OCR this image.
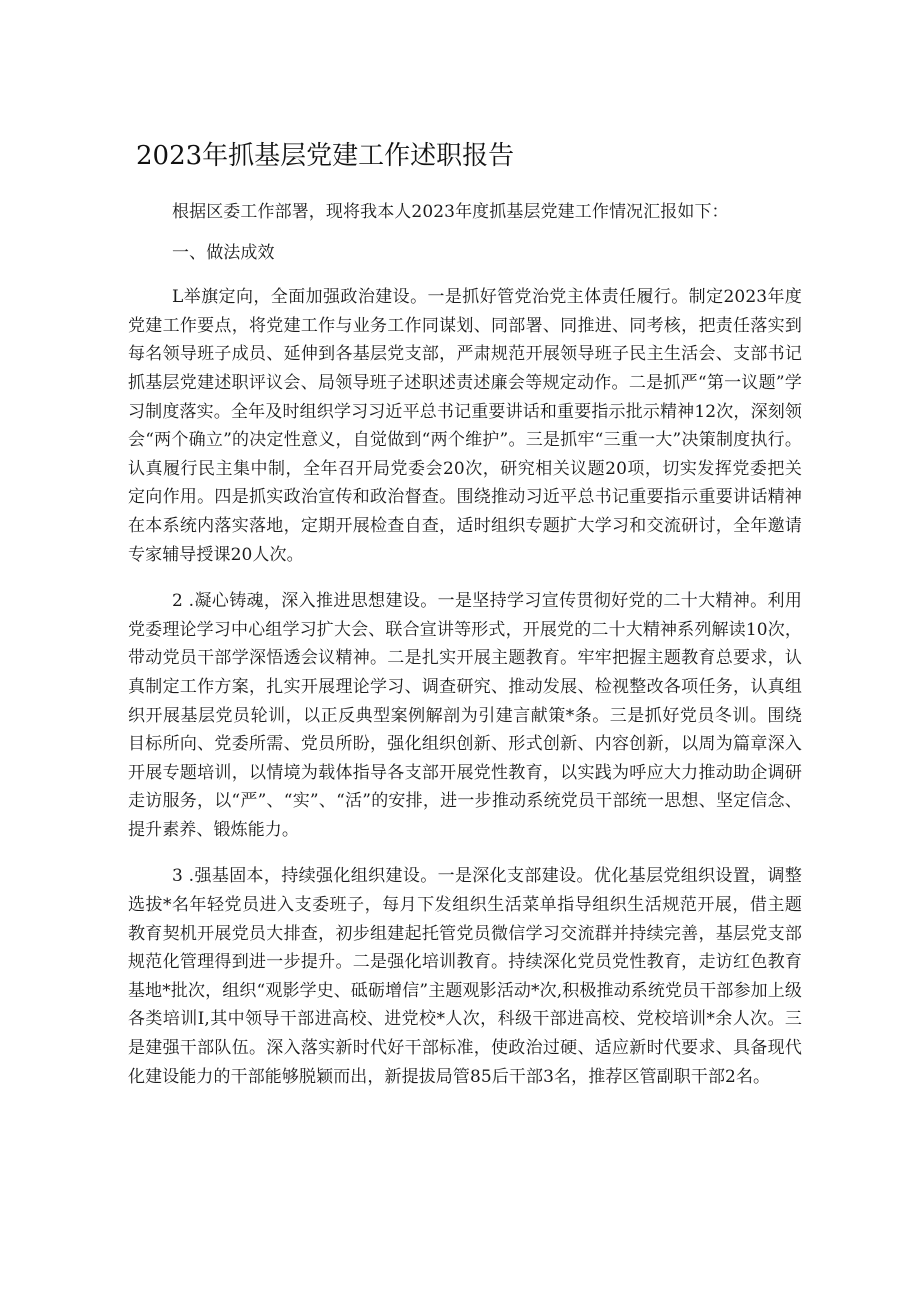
2023年抓基层党建工作述职报告

根据区委工作部署，现将我本人2023年度抓基层党建工作情况汇报如下：

一、做法成效

L举旗定向，全面加强政治建设。一是抓好管党治党主体责任履行。制定2023年度党建工作要点，将党建工作与业务工作同谋划、同部署、同推进、同考核，把责任落实到每名领导班子成员、延伸到各基层党支部，严肃规范开展领导班子民主生活会、支部书记抓基层党建述职评议会、局领导班子述职述责述廉会等规定动作。二是抓严“第一议题”学习制度落实。全年及时组织学习习近平总书记重要讲话和重要指示批示精神12次，深刻领会“两个确立”的决定性意义，自觉做到“两个维护”。三是抓牢“三重一大”决策制度执行。认真履行民主集中制，全年召开局党委会20次，研究相关议题20项，切实发挥党委把关定向作用。四是抓实政治宣传和政治督查。围绕推动习近平总书记重要指示重要讲话精神在本系统内落实落地，定期开展检查自查，适时组织专题扩大学习和交流研讨，全年邀请专家辅导授课20人次。

2 .凝心铸魂，深入推进思想建设。一是坚持学习宣传贯彻好党的二十大精神。利用党委理论学习中心组学习扩大会、联合宣讲等形式，开展党的二十大精神系列解读10次，带动党员干部学深悟透会议精神。二是扎实开展主题教育。牢牢把握主题教育总要求，认真制定工作方案，扎实开展理论学习、调查研究、推动发展、检视整改各项任务，认真组织开展基层党员轮训，以正反典型案例解剖为引建言献策*条。三是抓好党员冬训。围绕目标所向、党委所需、党员所盼，强化组织创新、形式创新、内容创新，以周为篇章深入开展专题培训，以情境为载体指导各支部开展党性教育，以实践为呼应大力推动助企调研走访服务，以“严”、“实”、“活”的安排，进一步推动系统党员干部统一思想、坚定信念、提升素养、锻炼能力。

3 .强基固本，持续强化组织建设。一是深化支部建设。优化基层党组织设置，调整选拔*名年轻党员进入支委班子，每月下发组织生活菜单指导组织生活规范开展，借主题教育契机开展党员大排查，初步组建起托管党员微信学习交流群并持续完善，基层党支部规范化管理得到进一步提升。二是强化培训教育。持续深化党员党性教育，走访红色教育基地*批次，组织“观影学史、砥砺增信”主题观影活动*次,积极推动系统党员干部参加上级各类培训I,其中领导干部进高校、进党校*人次，科级干部进高校、党校培训*余人次。三是建强干部队伍。深入落实新时代好干部标准，使政治过硬、适应新时代要求、具备现代化建设能力的干部能够脱颖而出，新提拔局管85后干部3名，推荐区管副职干部2名。
